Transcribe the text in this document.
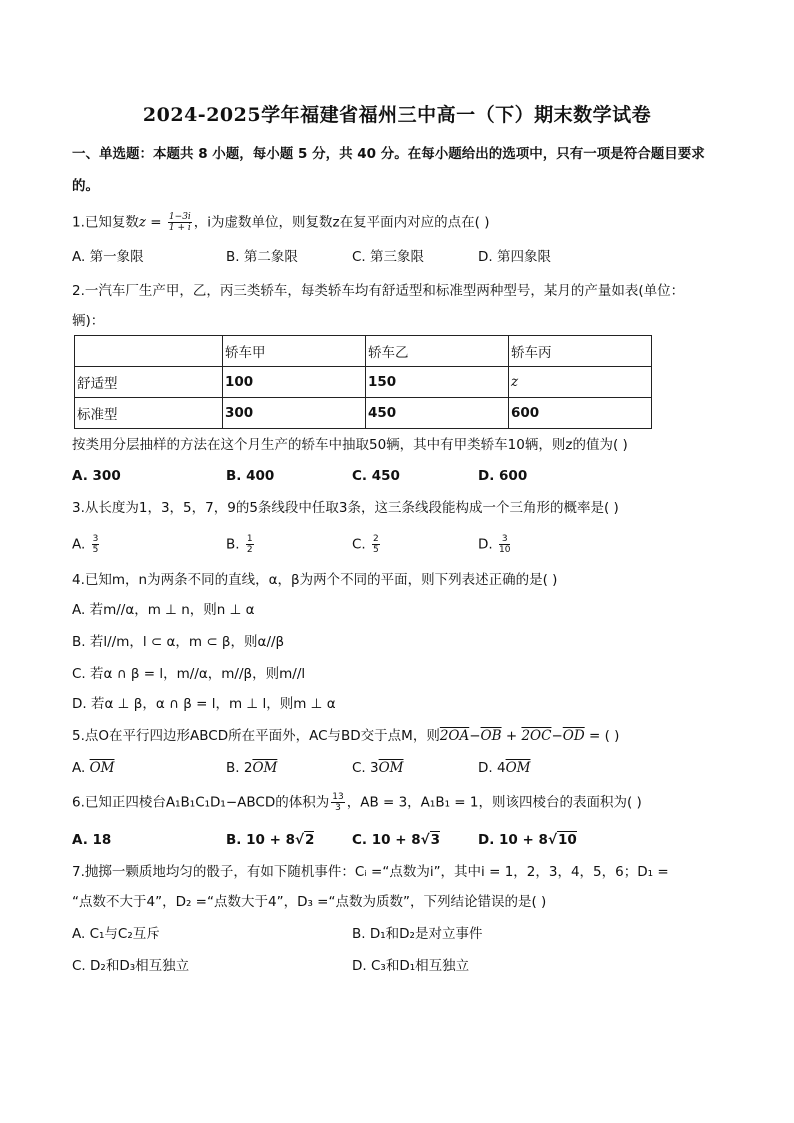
2024-2025学年福建省福州三中高一（下）期末数学试卷
一、单选题：本题共 8 小题，每小题 5 分，共 40 分。在每小题给出的选项中，只有一项是符合题目要求
的。
1.已知复数$z = \frac{1-3i}{1 + i}$ ，i为虚数单位，则复数z在复平面内对应的点在( )
A. 第一象限	B. 第二象限	C. 第三象限	D. 第四象限
2.一汽车厂生产甲，乙，丙三类轿车，每类轿车均有舒适型和标准型两种型号，某月的产量如表(单位：
辆)：
	轿车甲	轿车乙	轿车丙
舒适型	100	150	z
标准型	300	450	600
按类用分层抽样的方法在这个月生产的轿车中抽取50辆，其中有甲类轿车10辆，则z的值为( )
A. 300	B. 400	C. 450	D. 600
3.从长度为1，3，5，7，9的5条线段中任取3条，这三条线段能构成一个三角形的概率是( )
A. $\frac{3}{5}$	B. $\frac{1}{2}$	C. $\frac{2}{5}$	D. $\frac{3}{10}$
4.已知m，n为两条不同的直线，α，β为两个不同的平面，则下列表述正确的是( )
A. 若m//α，m ⊥ n，则n ⊥ α
B. 若l//m，l ⊂ α，m ⊂ β，则α//β
C. 若α ∩ β = l，m//α，m//β，则m//l
D. 若α ⊥ β，α ∩ β = l，m ⊥ l，则m ⊥ α
5.点O在平行四边形ABCD所在平面外，AC与BD交于点M，则$2OA-\overline{OB} + 2OC-\overline{OD}$ = ( )
A. $\overline{OM}$	B. $2\overline{OM}$	C. $3\overline{OM}$	D. $4\overline{OM}$
6.已知正四棱台A₁B₁C₁D₁−ABCD的体积为 $\frac{13}{3}$ ，AB = 3，A₁B₁ = 1，则该四棱台的表面积为( )
A. 18	B. 10 + 8√2	C. 10 + 8√3	D. 10 + 8√10
7.抛掷一颗质地均匀的骰子，有如下随机事件：Cᵢ =“点数为i”，其中i = 1，2，3，4，5，6；D₁ =
“点数不大于4”，D₂ =“点数大于4”，D₃ =“点数为质数”，下列结论错误的是( )
A. C₁与C₂互斥	B. D₁和D₂是对立事件
C. D₂和D₃相互独立	D. C₃和D₁相互独立
